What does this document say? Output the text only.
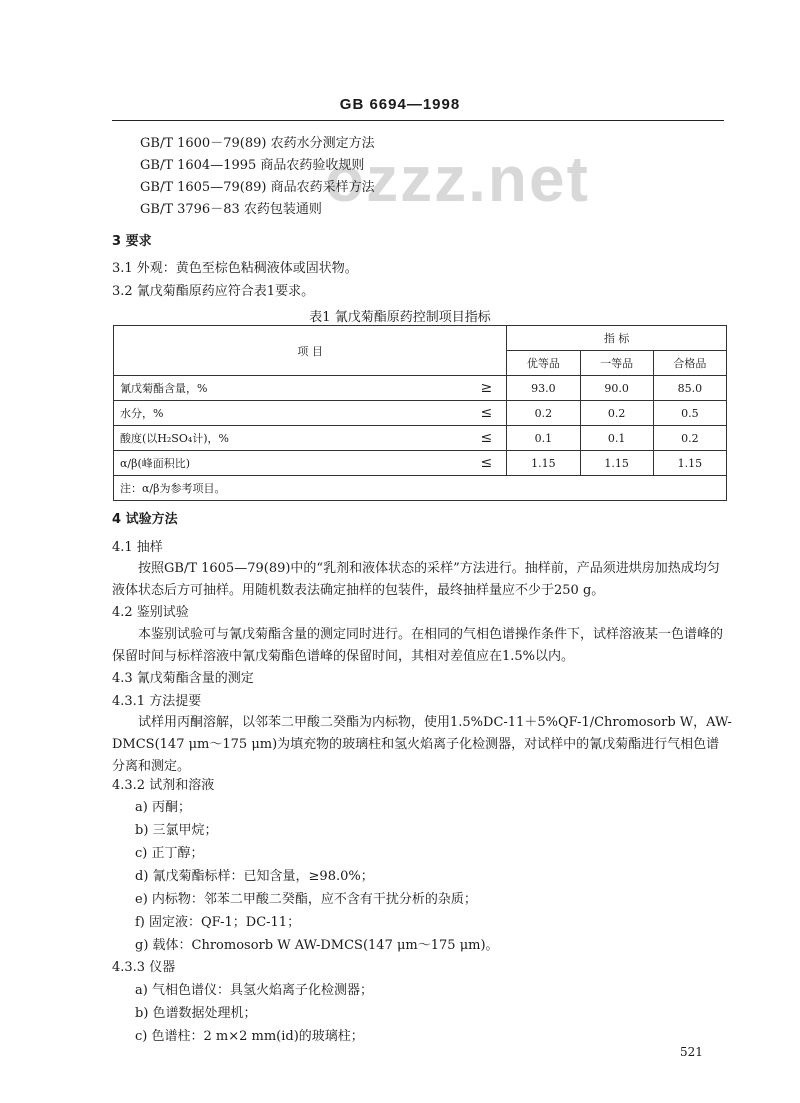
GB 6694—1998
ozzz.net
GB/T 1600－79(89) 农药水分测定方法
GB/T 1604—1995 商品农药验收规则
GB/T 1605—79(89) 商品农药采样方法
GB/T 3796－83 农药包装通则
3 要求
3.1 外观：黄色至棕色粘稠液体或固状物。
3.2 氰戊菊酯原药应符合表1要求。
表1 氰戊菊酯原药控制项目指标
项 目		指 标		
		优等品	一等品	合格品
氰戊菊酯含量，%	≥	93.0	90.0	85.0
水分，%	≤	0.2	0.2	0.5
酸度(以H₂SO₄计)，%	≤	0.1	0.1	0.2
α/β(峰面积比)	≤	1.15	1.15	1.15
注：α/β为参考项目。				
4 试验方法
4.1 抽样
按照GB/T 1605—79(89)中的“乳剂和液体状态的采样”方法进行。抽样前，产品须进烘房加热成均匀液体状态后方可抽样。用随机数表法确定抽样的包装件，最终抽样量应不少于250 g。
4.2 鉴别试验
本鉴别试验可与氰戊菊酯含量的测定同时进行。在相同的气相色谱操作条件下，试样溶液某一色谱峰的保留时间与标样溶液中氰戊菊酯色谱峰的保留时间，其相对差值应在1.5%以内。
4.3 氰戊菊酯含量的测定
4.3.1 方法提要
试样用丙酮溶解，以邻苯二甲酸二癸酯为内标物，使用1.5%DC-11＋5%QF-1/Chromosorb W，AW-DMCS(147 μm～175 μm)为填充物的玻璃柱和氢火焰离子化检测器，对试样中的氰戊菊酯进行气相色谱分离和测定。
4.3.2 试剂和溶液
a) 丙酮；
b) 三氯甲烷；
c) 正丁醇；
d) 氰戊菊酯标样：已知含量，≥98.0%；
e) 内标物：邻苯二甲酸二癸酯，应不含有干扰分析的杂质；
f) 固定液：QF-1；DC-11；
g) 载体：Chromosorb W AW-DMCS(147 μm～175 μm)。
4.3.3 仪器
a) 气相色谱仪：具氢火焰离子化检测器；
b) 色谱数据处理机；
c) 色谱柱：2 m×2 mm(id)的玻璃柱；
521
